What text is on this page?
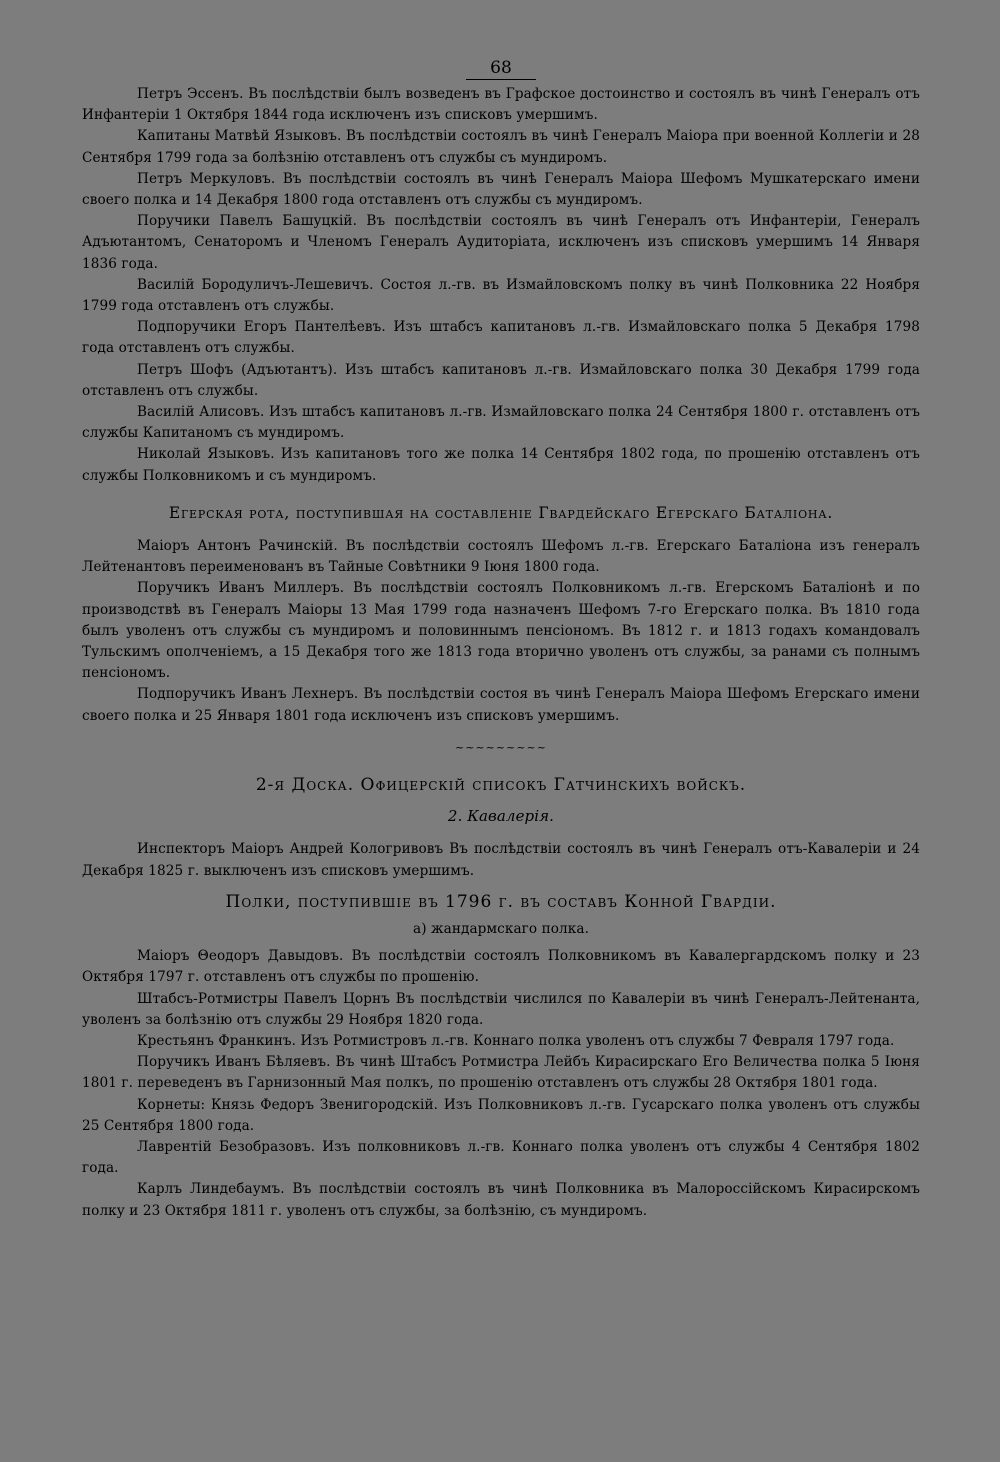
68

Петръ Эссенъ. Въ послѣдствіи былъ возведенъ въ Графское достоинство и состоялъ въ чинѣ Генералъ отъ Инфантеріи 1 Октября 1844 года исключенъ изъ списковъ умершимъ.

Капитаны Матвѣй Языковъ. Въ послѣдствіи состоялъ въ чинѣ Генералъ Маіора при военной Коллегіи и 28 Сентября 1799 года за болѣзнію отставленъ отъ службы съ мундиромъ.

Петръ Меркуловъ. Въ послѣдствіи состоялъ въ чинѣ Генералъ Маіора Шефомъ Мушкатерскаго имени своего полка и 14 Декабря 1800 года отставленъ отъ службы съ мундиромъ.

Поручики Павелъ Башуцкій. Въ послѣдствіи состоялъ въ чинѣ Генералъ отъ Инфантеріи, Генералъ Адъютантомъ, Сенаторомъ и Членомъ Генералъ Аудиторіата, исключенъ изъ списковъ умершимъ 14 Января 1836 года.

Василій Бородуличъ-Лешевичъ. Состоя л.-гв. въ Измайловскомъ полку въ чинѣ Полковника 22 Ноября 1799 года отставленъ отъ службы.

Подпоручики Егоръ Пантелѣевъ. Изъ штабсъ капитановъ л.-гв. Измайловскаго полка 5 Декабря 1798 года отставленъ отъ службы.

Петръ Шофъ (Адъютантъ). Изъ штабсъ капитановъ л.-гв. Измайловскаго полка 30 Декабря 1799 года отставленъ отъ службы.

Василій Алисовъ. Изъ штабсъ капитановъ л.-гв. Измайловскаго полка 24 Сентября 1800 г. отставленъ отъ службы Капитаномъ съ мундиромъ.

Николай Языковъ. Изъ капитановъ того же полка 14 Сентября 1802 года, по прошенію отставленъ отъ службы Полковникомъ и съ мундиромъ.

Егерская рота, поступившая на составленіе Гвардейскаго Егерскаго Баталіона.

Маіоръ Антонъ Рачинскій. Въ послѣдствіи состоялъ Шефомъ л.-гв. Егерскаго Баталіона изъ генералъ Лейтенантовъ переименованъ въ Тайные Совѣтники 9 Іюня 1800 года.

Поручикъ Иванъ Миллеръ. Въ послѣдствіи состоялъ Полковникомъ л.-гв. Егерскомъ Баталіонѣ и по производствѣ въ Генералъ Маіоры 13 Мая 1799 года назначенъ Шефомъ 7-го Егерскаго полка. Въ 1810 года былъ уволенъ отъ службы съ мундиромъ и половиннымъ пенсіономъ. Въ 1812 г. и 1813 годахъ командовалъ Тульскимъ ополченіемъ, а 15 Декабря того же 1813 года вторично уволенъ отъ службы, за ранами съ полнымъ пенсіономъ.

Подпоручикъ Иванъ Лехнеръ. Въ послѣдствіи состоя въ чинѣ Генералъ Маіора Шефомъ Егерскаго имени своего полка и 25 Января 1801 года исключенъ изъ списковъ умершимъ.

~~~~~~~~~
2-я Доска. Офицерскій списокъ Гатчинскихъ войскъ.
2. Кавалерія.

Инспекторъ Маіоръ Андрей Кологривовъ Въ послѣдствіи состоялъ въ чинѣ Генералъ отъ-Кавалеріи и 24 Декабря 1825 г. выключенъ изъ списковъ умершимъ.

Полки, поступившіе въ 1796 г. въ составъ Конной Гвардіи.
а) жандармскаго полка.

Маіоръ Θеодоръ Давыдовъ. Въ послѣдствіи состоялъ Полковникомъ въ Кавалергардскомъ полку и 23 Октября 1797 г. отставленъ отъ службы по прошенію.

Штабсъ-Ротмистры Павелъ Цорнъ Въ послѣдствіи числился по Кавалеріи въ чинѣ Генералъ-Лейтенанта, уволенъ за болѣзнію отъ службы 29 Ноября 1820 года.

Крестьянъ Франкинъ. Изъ Ротмистровъ л.-гв. Коннаго полка уволенъ отъ службы 7 Февраля 1797 года.

Поручикъ Иванъ Бѣляевъ. Въ чинѣ Штабсъ Ротмистра Лейбъ Кирасирскаго Его Величества полка 5 Іюня 1801 г. переведенъ въ Гарнизонный Мая полкъ, по прошенію отставленъ отъ службы 28 Октября 1801 года.

Корнеты: Князь Федоръ Звенигородскій. Изъ Полковниковъ л.-гв. Гусарскаго полка уволенъ отъ службы 25 Сентября 1800 года.

Лаврентій Безобразовъ. Изъ полковниковъ л.-гв. Коннаго полка уволенъ отъ службы 4 Сентября 1802 года.

Карлъ Линдебаумъ. Въ послѣдствіи состоялъ въ чинѣ Полковника въ Малороссійскомъ Кирасирскомъ полку и 23 Октября 1811 г. уволенъ отъ службы, за болѣзнію, съ мундиромъ.
